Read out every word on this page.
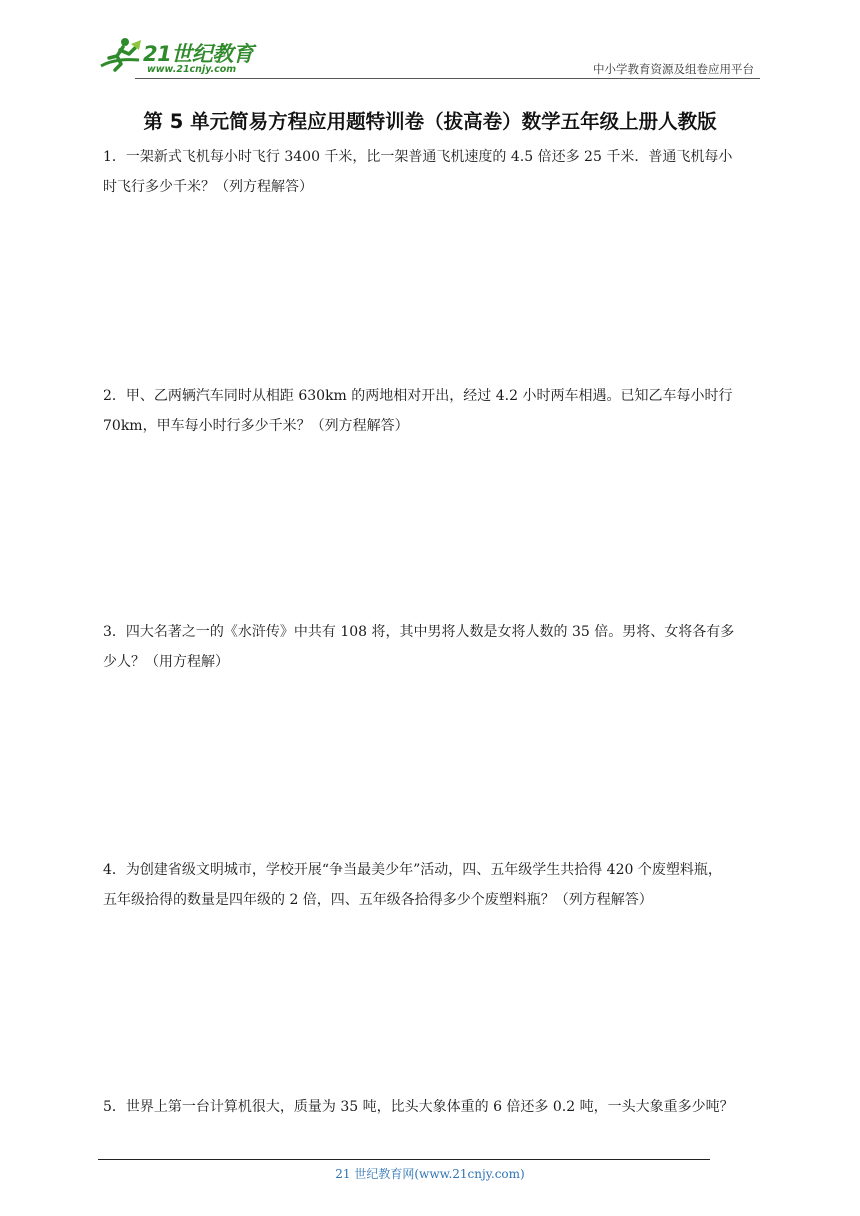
21世纪教育
www.21cnjy.com	中小学教育资源及组卷应用平台
第 5 单元简易方程应用题特训卷（拔高卷）数学五年级上册人教版

1．一架新式飞机每小时飞行 3400 千米，比一架普通飞机速度的 4.5 倍还多 25 千米．普通飞机每小

时飞行多少千米？（列方程解答）

2．甲、乙两辆汽车同时从相距 630km 的两地相对开出，经过 4.2 小时两车相遇。已知乙车每小时行

70km，甲车每小时行多少千米？（列方程解答）

3．四大名著之一的《水浒传》中共有 108 将，其中男将人数是女将人数的 35 倍。男将、女将各有多

少人？（用方程解）

4．为创建省级文明城市，学校开展“争当最美少年”活动，四、五年级学生共拾得 420 个废塑料瓶，

五年级拾得的数量是四年级的 2 倍，四、五年级各拾得多少个废塑料瓶？（列方程解答）

5．世界上第一台计算机很大，质量为 35 吨，比头大象体重的 6 倍还多 0.2 吨，一头大象重多少吨？

21 世纪教育网(www.21cnjy.com)
